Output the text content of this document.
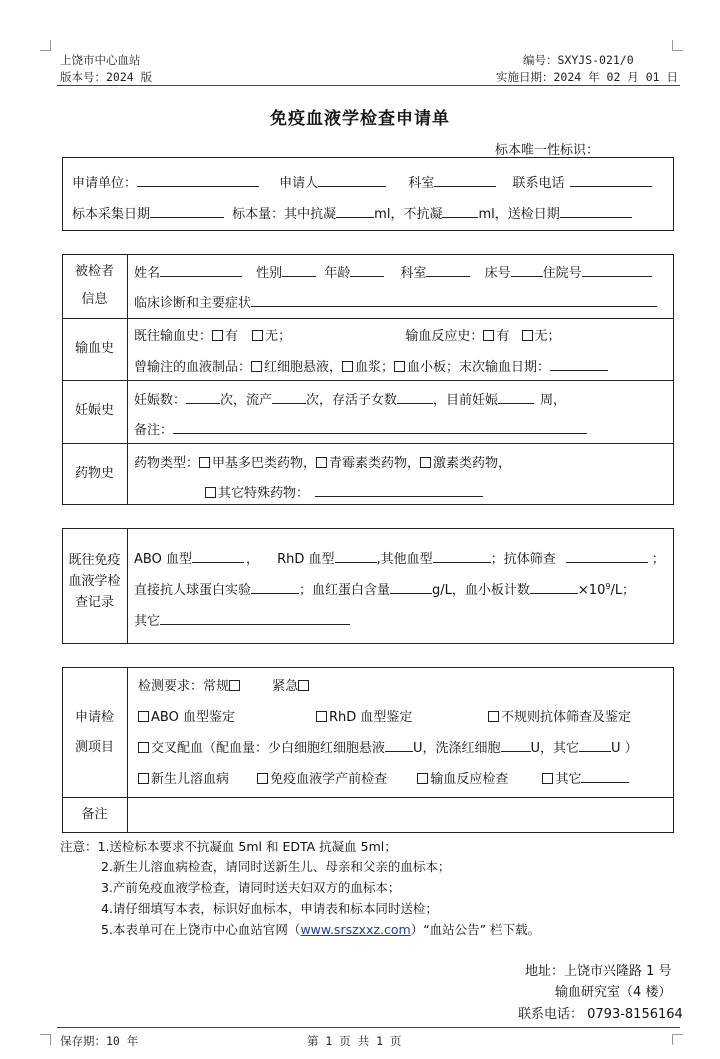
上饶市中心血站
版本号：2024 版
编号：SXYJS-021/0
实施日期：2024 年 02 月 01 日
免疫血液学检查申请单
标本唯一性标识：
申请单位：	申请人	科室	联系电话
标本采集日期	标本量：其中抗凝	ml，不抗凝	ml，送检日期
被检者
信息
姓名	性别	年龄	科室	床号 住院号
临床诊断和主要症状
输血史
既往输血史： 有 无；	输血反应史： 有 无；
曾输注的血液制品： 红细胞悬液， 血浆； 血小板；末次输血日期：
妊娠史
妊娠数：	次，流产	次，存活子女数	，目前妊娠	周，
备注：
药物史
药物类型： 甲基多巴类药物， 青霉素类药物， 激素类药物，
其它特殊药物：
既往免疫
血液学检
查记录
ABO 血型	， RhD 血型	,其他血型	；抗体筛查	；
直接抗人球蛋白实验	；血红蛋白含量	g/L，血小板计数	$\times 10^9/L$；
其它
申请检
测项目
检测要求：常规	紧急
ABO 血型鉴定	RhD 血型鉴定	不规则抗体筛查及鉴定
交叉配血（配血量：少白细胞红细胞悬液 U，洗涤红细胞 U，其它 U ）
新生儿溶血病	免疫血液学产前检查	输血反应检查	其它
备注
注意：1.送检标本要求不抗凝血 5ml 和 EDTA 抗凝血 5ml；
2.新生儿溶血病检查，请同时送新生儿、母亲和父亲的血标本；
3.产前免疫血液学检查，请同时送夫妇双方的血标本；
4.请仔细填写本表，标识好血标本，申请表和标本同时送检；
5.本表单可在上饶市中心血站官网（www.srszxxz.com）“血站公告” 栏下载。
地址：上饶市兴隆路 1 号
输血研究室（4 楼）
联系电话： 0793-8156164
保存期：10 年	第 1 页 共 1 页
